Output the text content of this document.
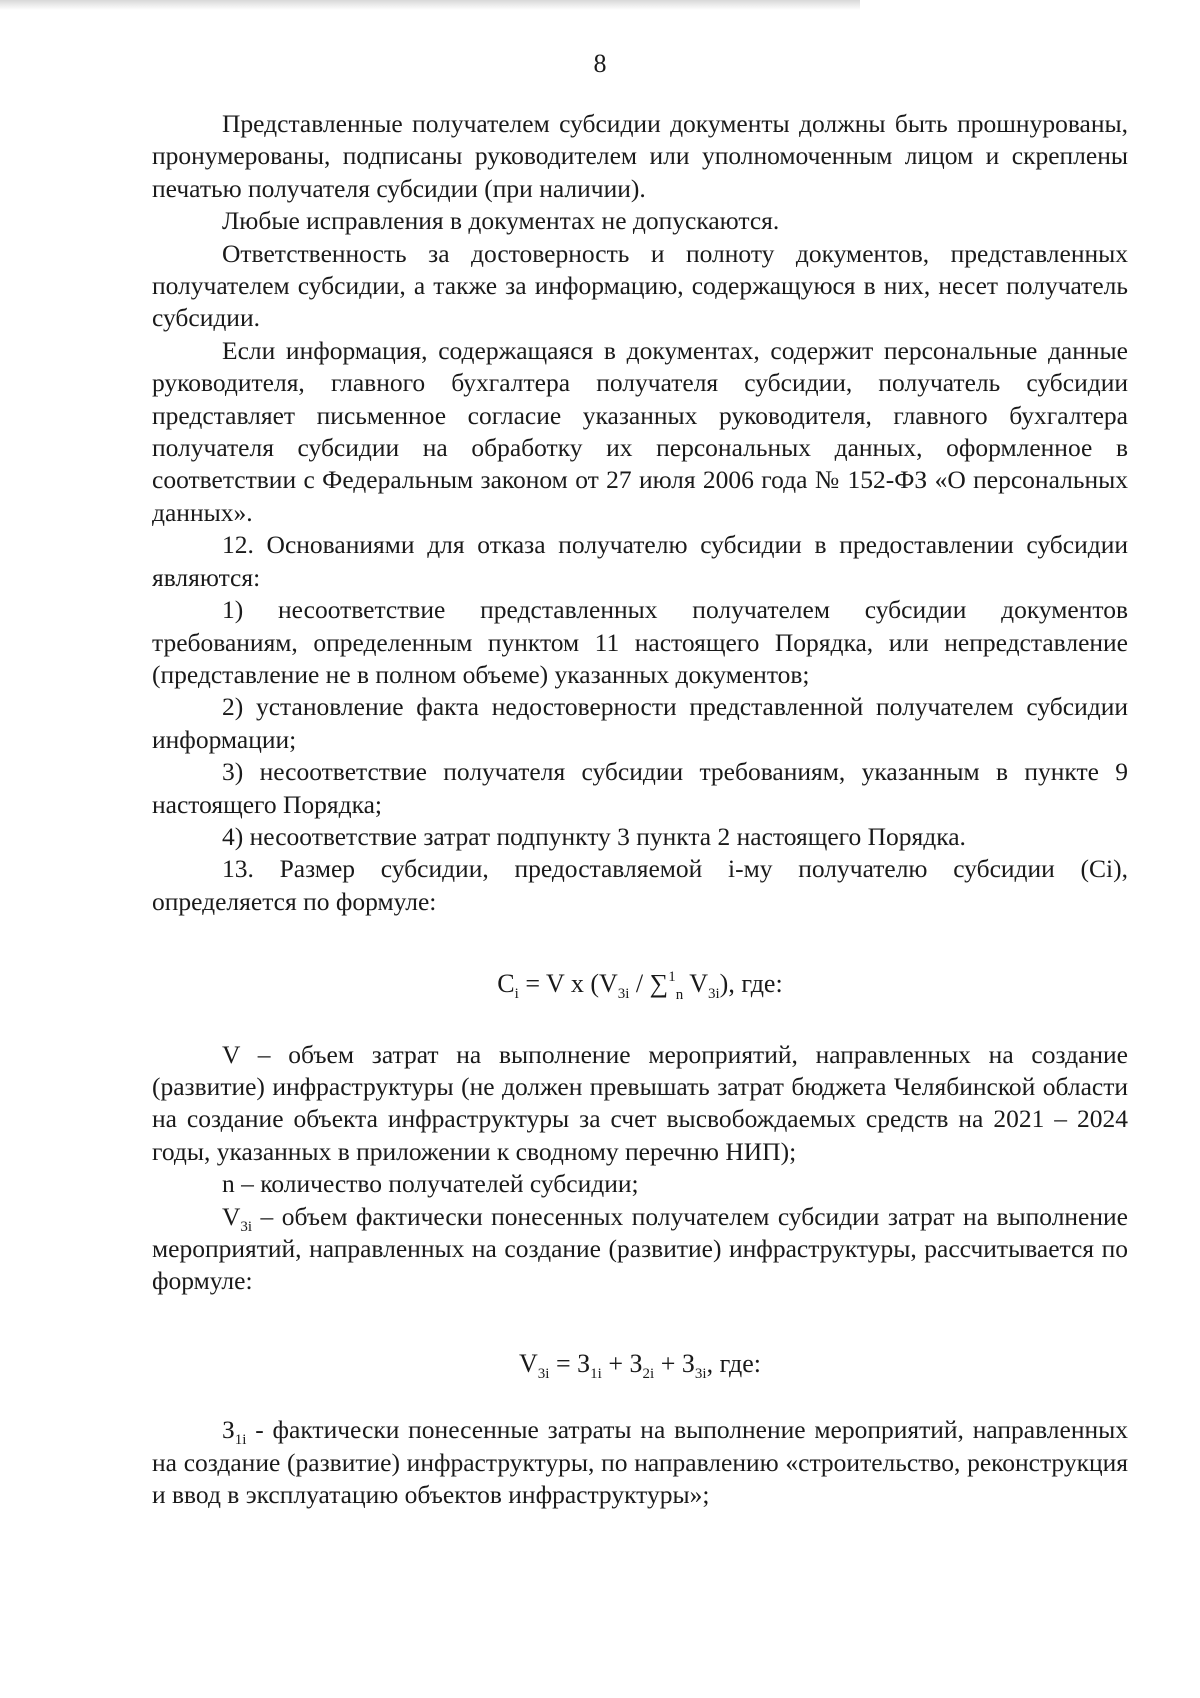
8

Представленные получателем субсидии документы должны быть прошнурованы, пронумерованы, подписаны руководителем или уполномоченным лицом и скреплены печатью получателя субсидии (при наличии).

Любые исправления в документах не допускаются.

Ответственность за достоверность и полноту документов, представленных получателем субсидии, а также за информацию, содержащуюся в них, несет получатель субсидии.

Если информация, содержащаяся в документах, содержит персональные данные руководителя, главного бухгалтера получателя субсидии, получатель субсидии представляет письменное согласие указанных руководителя, главного бухгалтера получателя субсидии на обработку их персональных данных, оформленное в соответствии с Федеральным законом от 27 июля 2006 года № 152-ФЗ «О персональных данных».

12. Основаниями для отказа получателю субсидии в предоставлении субсидии являются:

1) несоответствие представленных получателем субсидии документов требованиям, определенным пунктом 11 настоящего Порядка, или непредставление (представление не в полном объеме) указанных документов;

2) установление факта недостоверности представленной получателем субсидии информации;

3) несоответствие получателя субсидии требованиям, указанным в пункте 9 настоящего Порядка;

4) несоответствие затрат подпункту 3 пункта 2 настоящего Порядка.

13. Размер субсидии, предоставляемой i-му получателю субсидии (Ci), определяется по формуле:

$C_i = V$ x ($V_{3i} / \sum^1_n$ $V_{3i}$), где:

V – объем затрат на выполнение мероприятий, направленных на создание (развитие) инфраструктуры (не должен превышать затрат бюджета Челябинской области на создание объекта инфраструктуры за счет высвобождаемых средств на 2021 – 2024 годы, указанных в приложении к сводному перечню НИП);

n – количество получателей субсидии;

$V_{3i}$ – объем фактически понесенных получателем субсидии затрат на выполнение мероприятий, направленных на создание (развитие) инфраструктуры, рассчитывается по формуле:

$V_{3i} = З_{1i} + З_{2i} + З_{3i}$, где:

$З_{1i}$ - фактически понесенные затраты на выполнение мероприятий, направленных на создание (развитие) инфраструктуры, по направлению «строительство, реконструкция и ввод в эксплуатацию объектов инфраструктуры»;
